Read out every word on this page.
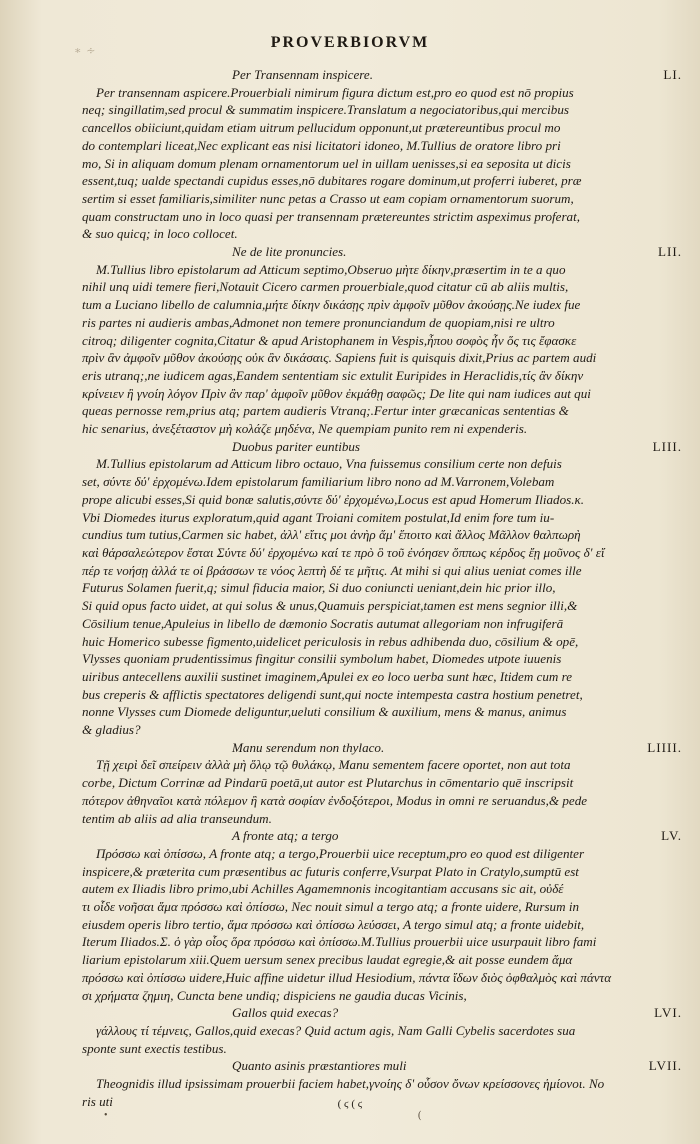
∗ ∻	PROVERBIORVM
Per Transennam inspicere.	LI.
Per transennam aspicere.Prouerbiali nimirum figura dictum est,pro eo quod est nō propius
neq; singillatim,sed procul & summatim inspicere.Translatum a negociatoribus,qui mercibus
cancellos obiiciunt,quidam etiam uitrum pellucidum opponunt,ut prætereuntibus procul mo
do contemplari liceat,Nec explicant eas nisi licitatori idoneo, M.Tullius de oratore libro pri
mo, Si in aliquam domum plenam ornamentorum uel in uillam uenisses,si ea seposita ut dicis
essent,tuq; ualde spectandi cupidus esses,nō dubitares rogare dominum,ut proferri iuberet, præ
sertim si esset familiaris,similiter nunc petas a Crasso ut eam copiam ornamentorum suorum,
quam constructam uno in loco quasi per transennam prætereuntes strictim aspeximus proferat,
& suo quicq; in loco collocet.
Ne de lite pronuncies.	LII.
M.Tullius libro epistolarum ad Atticum septimo,Obseruo μὴτε δίκην,præsertim in te a quo
nihil unq uidi temere fieri,Notauit Cicero carmen prouerbiale,quod citatur cū ab aliis multis,
tum a Luciano libello de calumnia,μήτε δίκην δικάσῃς πρὶν ἀμφοῖν μῦθον ἀκούσῃς.Ne iudex fue
ris partes ni audieris ambas,Admonet non temere pronunciandum de quopiam,nisi re ultro
citroq; diligenter cognita,Citatur & apud Aristophanem in Vespis,ἦπου σοφὸς ἦν ὅς τις ἔφασκε
πρὶν ἂν ἀμφοῖν μῦθον ἀκούσῃς οὐκ ἂν δικάσαις. Sapiens fuit is quisquis dixit,Prius ac partem audi
eris utranq;,ne iudicem agas,Eandem sententiam sic extulit Euripides in Heraclidis,τίς ἂν δίκην
κρίνειεν ἢ γνοίη λόγον Πρὶν ἂν παρ' ἀμφοῖν μῦθον ἐκμάθῃ σαφῶς; De lite qui nam iudices aut qui
queas pernosse rem,prius atq; partem audieris Vtranq;.Fertur inter græcanicas sententias &
hic senarius, ἀνεξέταστον μὴ κολάζε μηδένα, Ne quempiam punito rem ni expenderis.
Duobus pariter euntibus	LIII.
M.Tullius epistolarum ad Atticum libro octauo, Vna fuissemus consilium certe non defuis
set, σύντε δύ' ἐρχομένω.Idem epistolarum familiarium libro nono ad M.Varronem,Volebam
prope alicubi esses,Si quid bonæ salutis,σύντε δύ' ἐρχομένω,Locus est apud Homerum Iliados.κ.
Vbi Diomedes iturus exploratum,quid agant Troiani comitem postulat,Id enim fore tum iu-
cundius tum tutius,Carmen sic habet, ἀλλ' εἴτις μοι ἀνὴρ ἅμ' ἕποιτο καὶ ἄλλος Μᾶλλον θαλπωρὴ
καὶ θάρσαλεώτερον ἔσται Σύντε δύ' ἐρχομένω καί τε πρὸ ὃ τοῦ ἐνόησεν ὅππως κέρδος ἔῃ μοῦνος δ' εἴ
πέρ τε νοήσῃ ἀλλά τε οἱ βράσσων τε νόος λεπτὴ δέ τε μῆτις. At mihi si qui alius ueniat comes ille
Futurus Solamen fuerit,q; simul fiducia maior, Si duo coniuncti ueniant,dein hic prior illo,
Si quid opus facto uidet, at qui solus & unus,Quamuis perspiciat,tamen est mens segnior illi,&
Cōsilium tenue,Apuleius in libello de dæmonio Socratis autumat allegoriam non infrugiferā
huic Homerico subesse figmento,uidelicet periculosis in rebus adhibenda duo, cōsilium & opē,
Vlysses quoniam prudentissimus fingitur consilii symbolum habet, Diomedes utpote iuuenis
uiribus antecellens auxilii sustinet imaginem,Apulei ex eo loco uerba sunt hæc, Itidem cum re
bus creperis & afflictis spectatores deligendi sunt,qui nocte intempesta castra hostium penetret,
nonne Vlysses cum Diomede deliguntur,ueluti consilium & auxilium, mens & manus, animus
& gladius?
Manu serendum non thylaco.	LIIII.
Τῇ χειρὶ δεῖ σπείρειν ἀλλὰ μὴ ὅλῳ τῷ θυλάκῳ, Manu sementem facere oportet, non aut tota
corbe, Dictum Corrinæ ad Pindarū poetā,ut autor est Plutarchus in cōmentario quē inscripsit
πότερον ἀθηναῖοι κατὰ πόλεμον ἢ κατὰ σοφίαν ἐνδοξότεροι, Modus in omni re seruandus,& pede
tentim ab aliis ad alia transeundum.
A fronte atq; a tergo	LV.
Πρόσσω καὶ ὀπίσσω, A fronte atq; a tergo,Prouerbii uice receptum,pro eo quod est diligenter
inspicere,& præterita cum præsentibus ac futuris conferre,Vsurpat Plato in Cratylo,sumptū est
autem ex Iliadis libro primo,ubi Achilles Agamemnonis incogitantiam accusans sic ait, οὐδέ
τι οἶδε νοῆσαι ἅμα πρόσσω καὶ ὀπίσσω, Nec nouit simul a tergo atq; a fronte uidere, Rursum in
eiusdem operis libro tertio, ἅμα πρόσσω καὶ ὀπίσσω λεύσσει, A tergo simul atq; a fronte uidebit,
Iterum Iliados.Σ. ὁ γὰρ οἶος ὅρα πρόσσω καὶ ὀπίσσω.M.Tullius prouerbii uice usurpauit libro fami
liarium epistolarum xiii.Quem uersum senex precibus laudat egregie,& ait posse eundem ἅμα
πρόσσω καὶ ὀπίσσω uidere,Huic affine uidetur illud Hesiodium, πάντα ἴδων διὸς ὀφθαλμὸς καὶ πάντα
σι χρήματα ζημιη, Cuncta bene undiq; dispiciens ne gaudia ducas Vicinis,
Gallos quid execas?	LVI.
γάλλους τί τέμνεις, Gallos,quid execas? Quid actum agis, Nam Galli Cybelis sacerdotes sua
sponte sunt exectis testibus.
Quanto asinis præstantiores muli	LVII.
Theognidis illud ipsissimam prouerbii faciem habet,γνοίης δ' οὖσον ὄνων κρείσσονες ἡμίονοι. No
ris uti	( ϛ ( ϛ
•	(
